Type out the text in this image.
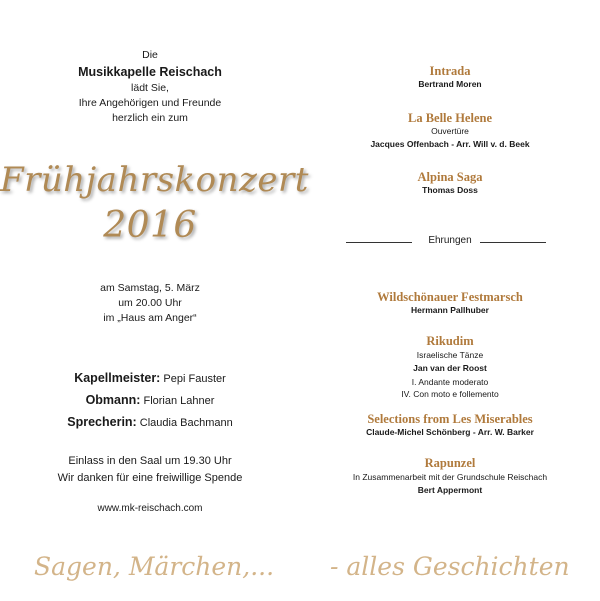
Die
Musikkapelle Reischach
lädt Sie,
Ihre Angehörigen und Freunde
herzlich ein zum
Frühjahrskonzert
2016
am Samstag, 5. März
um 20.00 Uhr
im „Haus am Anger“
Kapellmeister: Pepi Fauster
Obmann: Florian Lahner
Sprecherin: Claudia Bachmann
Einlass in den Saal um 19.30 Uhr
Wir danken für eine freiwillige Spende
www.mk-reischach.com
Intrada
Bertrand Moren
La Belle Helene
Ouvertüre
Jacques Offenbach - Arr. Will v. d. Beek
Alpina Saga
Thomas Doss
Ehrungen
Wildschönauer Festmarsch
Hermann Pallhuber
Rikudim
Israelische Tänze
Jan van der Roost
I. Andante moderato
IV. Con moto e follemento
Selections from Les Miserables
Claude-Michel Schönberg - Arr. W. Barker
Rapunzel
In Zusammenarbeit mit der Grundschule Reischach
Bert Appermont
Sagen, Märchen,... - alles Geschichten
